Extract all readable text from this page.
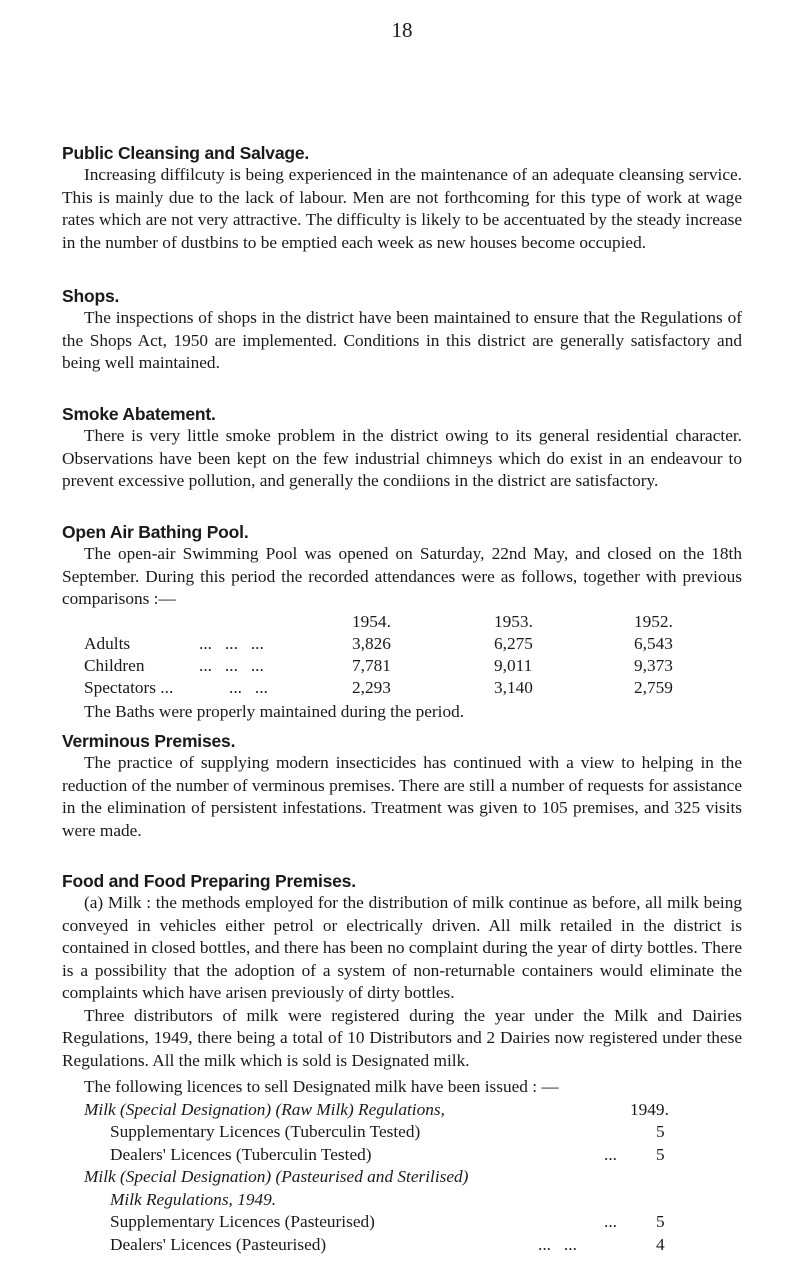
18
Public Cleansing and Salvage.

Increasing diffilcuty is being experienced in the maintenance of an adequate cleansing service. This is mainly due to the lack of labour. Men are not forthcoming for this type of work at wage rates which are not very attractive. The difficulty is likely to be accentuated by the steady increase in the number of dustbins to be emptied each week as new houses become occupied.

Shops.

The inspections of shops in the district have been maintained to ensure that the Regulations of the Shops Act, 1950 are implemented. Conditions in this district are generally satisfactory and being well maintained.

Smoke Abatement.

There is very little smoke problem in the district owing to its general residential character. Observations have been kept on the few industrial chimneys which do exist in an endeavour to prevent excessive pollution, and generally the condiions in the district are satisfactory.

Open Air Bathing Pool.

The open-air Swimming Pool was opened on Saturday, 22nd May, and closed on the 18th September. During this period the recorded attendances were as follows, together with previous comparisons :—

1954.	1953.	1952.
Adults	...   ...   ...	3,826	6,275	6,543
Children	...   ...   ...	7,781	9,011	9,373
Spectators ...	...   ...	2,293	3,140	2,759

The Baths were properly maintained during the period.

Verminous Premises.

The practice of supplying modern insecticides has continued with a view to helping in the reduction of the number of verminous premises. There are still a number of requests for assistance in the elimination of persistent infestations. Treatment was given to 105 premises, and 325 visits were made.

Food and Food Preparing Premises.

(a) Milk : the methods employed for the distribution of milk continue as before, all milk being conveyed in vehicles either petrol or electrically driven. All milk retailed in the district is contained in closed bottles, and there has been no complaint during the year of dirty bottles. There is a possibility that the adoption of a system of non-returnable containers would eliminate the complaints which have arisen previously of dirty bottles.

Three distributors of milk were registered during the year under the Milk and Dairies Regulations, 1949, there being a total of 10 Distributors and 2 Dairies now registered under these Regulations. All the milk which is sold is Designated milk.

The following licences to sell Designated milk have been issued : —

Milk (Special Designation) (Raw Milk) Regulations,	1949.
Supplementary Licences (Tuberculin Tested)	5
Dealers' Licences (Tuberculin Tested)	... 5
Milk (Special Designation) (Pasteurised and Sterilised)
Milk Regulations, 1949.
Supplementary Licences (Pasteurised)	... 5
Dealers' Licences (Pasteurised)	...   ...	4
